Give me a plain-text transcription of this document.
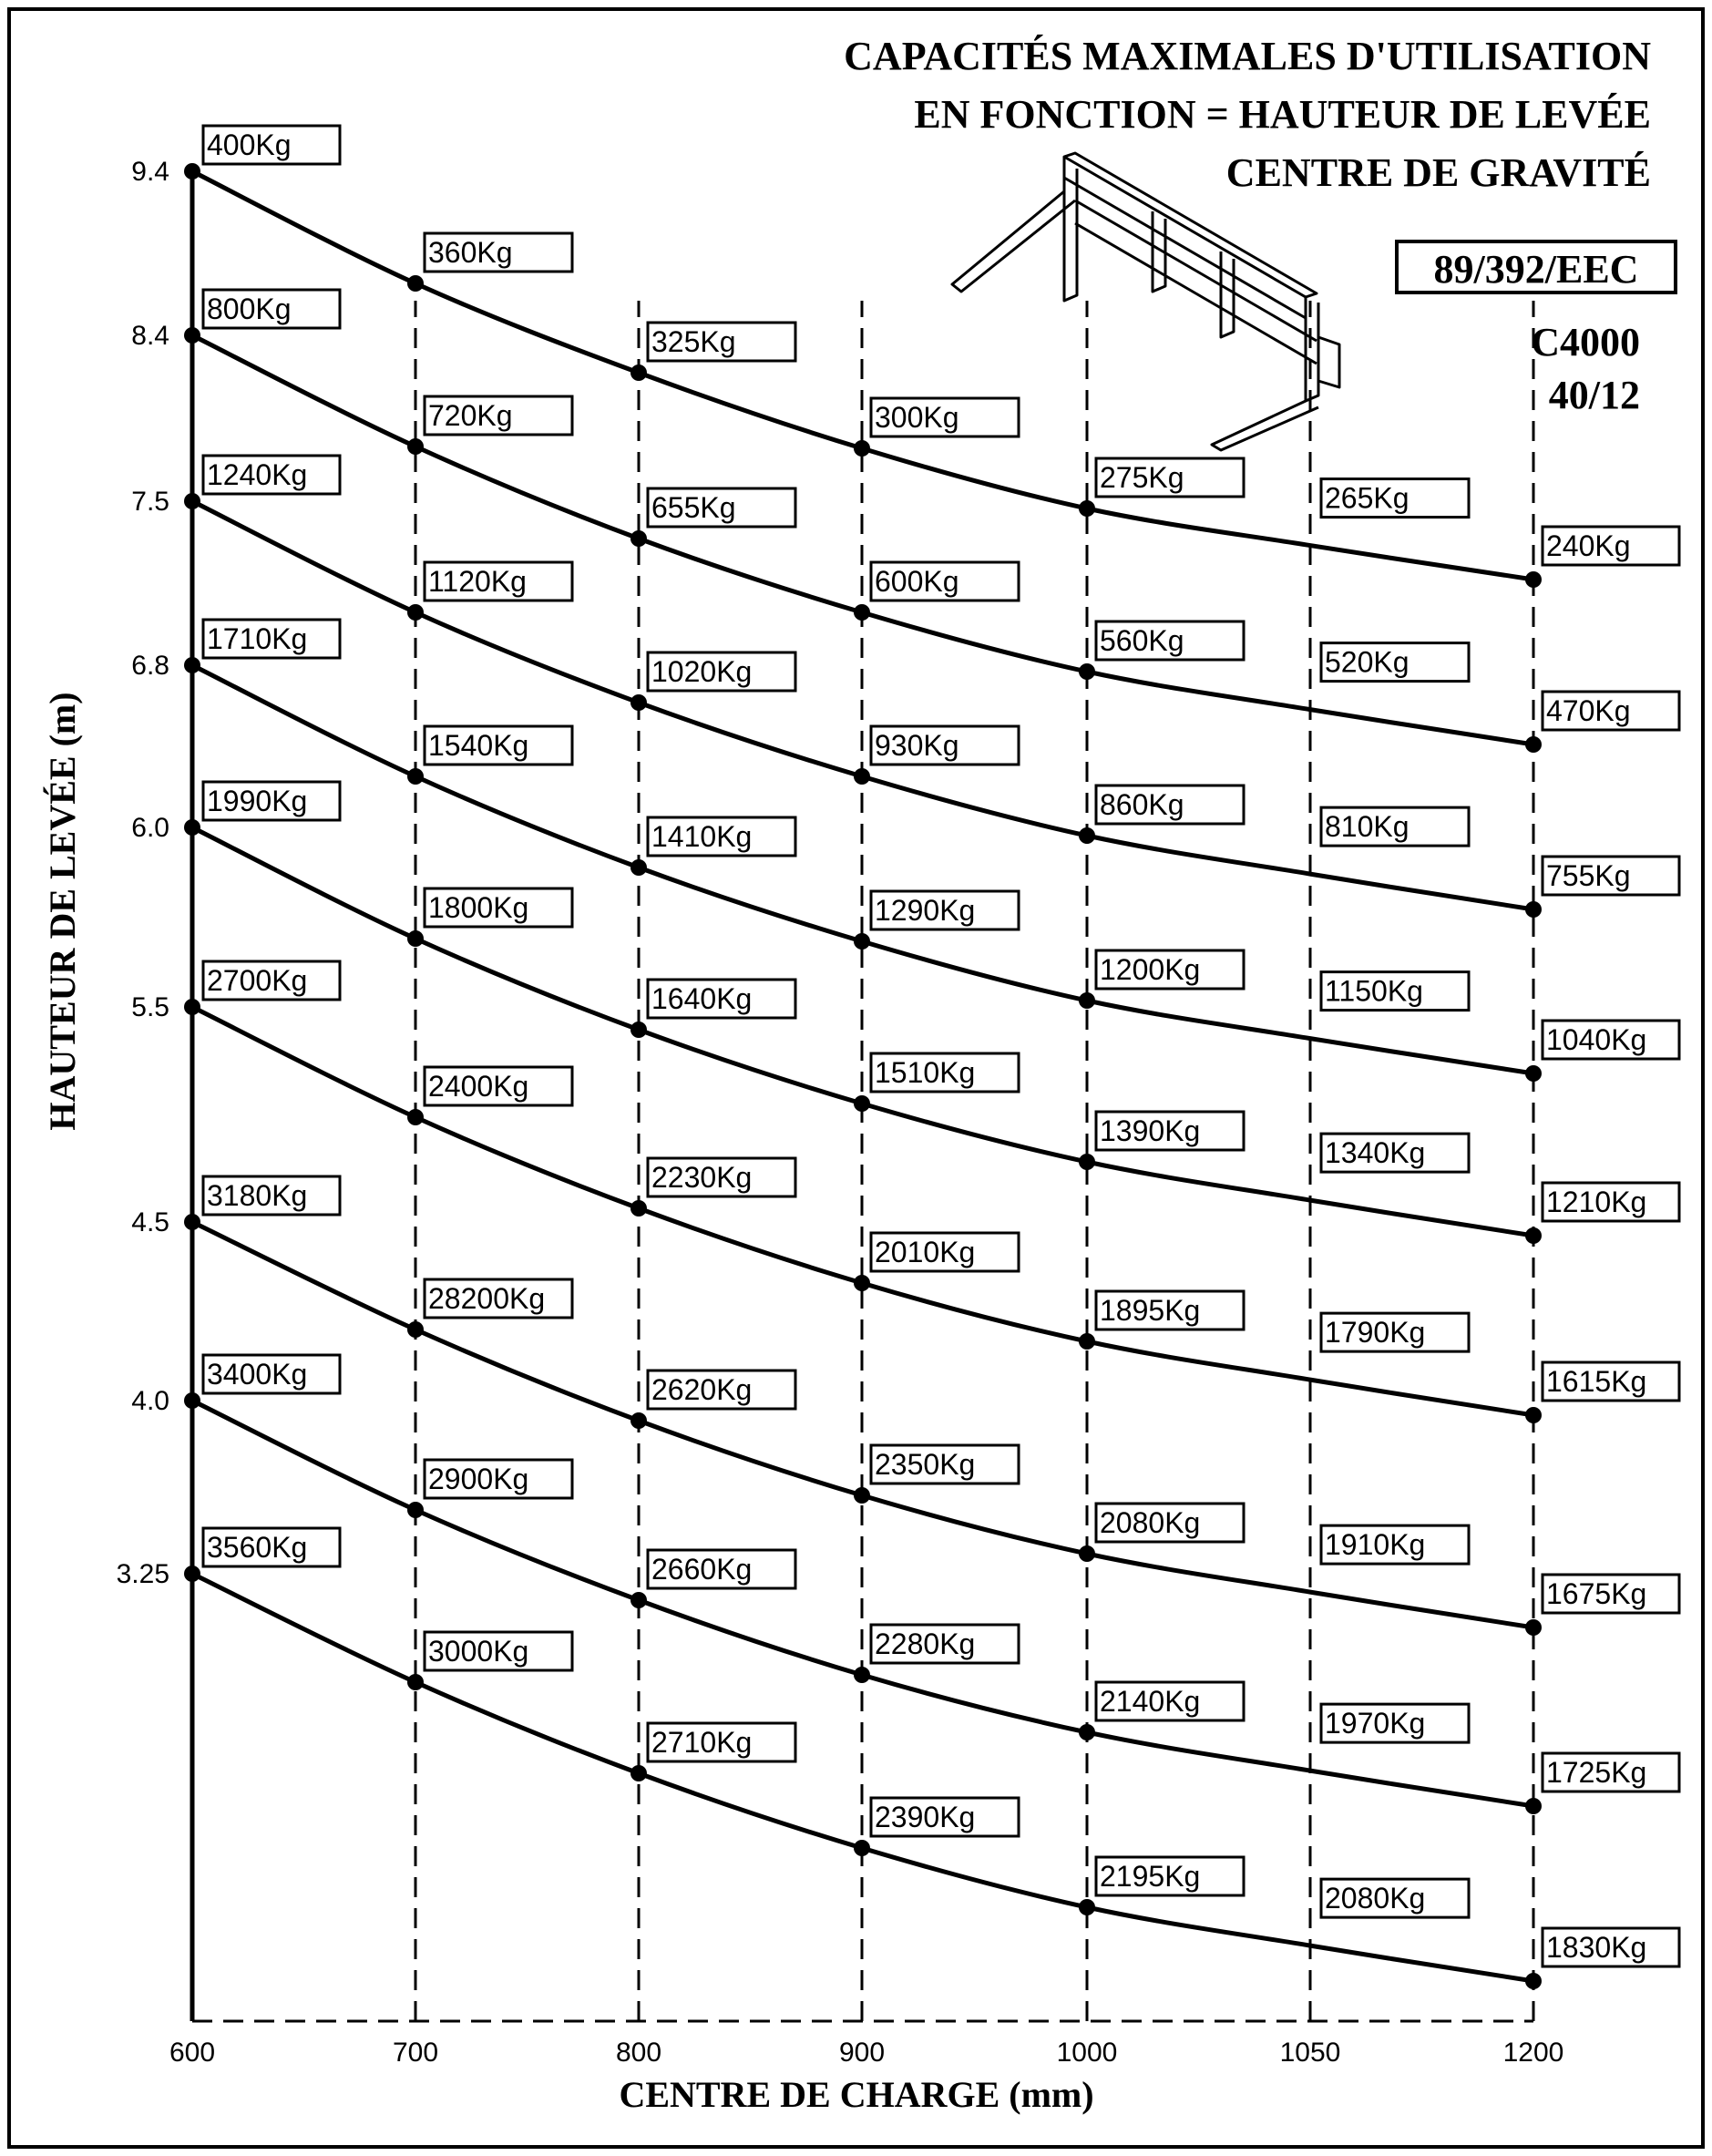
CAPACITÉS MAXIMALES D'UTILISATION
EN FONCTION = HAUTEUR DE LEVÉE
CENTRE DE GRAVITÉ
89/392/EEC
C4000
40/12
400Kg
360Kg
325Kg
300Kg
275Kg
265Kg
240Kg
800Kg
720Kg
655Kg
600Kg
560Kg
520Kg
470Kg
1240Kg
1120Kg
1020Kg
930Kg
860Kg
810Kg
755Kg
1710Kg
1540Kg
1410Kg
1290Kg
1200Kg
1150Kg
1040Kg
1990Kg
1800Kg
1640Kg
1510Kg
1390Kg
1340Kg
1210Kg
2700Kg
2400Kg
2230Kg
2010Kg
1895Kg
1790Kg
1615Kg
3180Kg
28200Kg
2620Kg
2350Kg
2080Kg
1910Kg
1675Kg
3400Kg
2900Kg
2660Kg
2280Kg
2140Kg
1970Kg
1725Kg
3560Kg
3000Kg
2710Kg
2390Kg
2195Kg
2080Kg
1830Kg
600	700	800	900	1000	1050	1200
9.4
8.4
7.5
6.8
6.0
5.5
4.5
4.0
3.25
CENTRE DE CHARGE (mm)
HAUTEUR DE LEVÉE (m)
